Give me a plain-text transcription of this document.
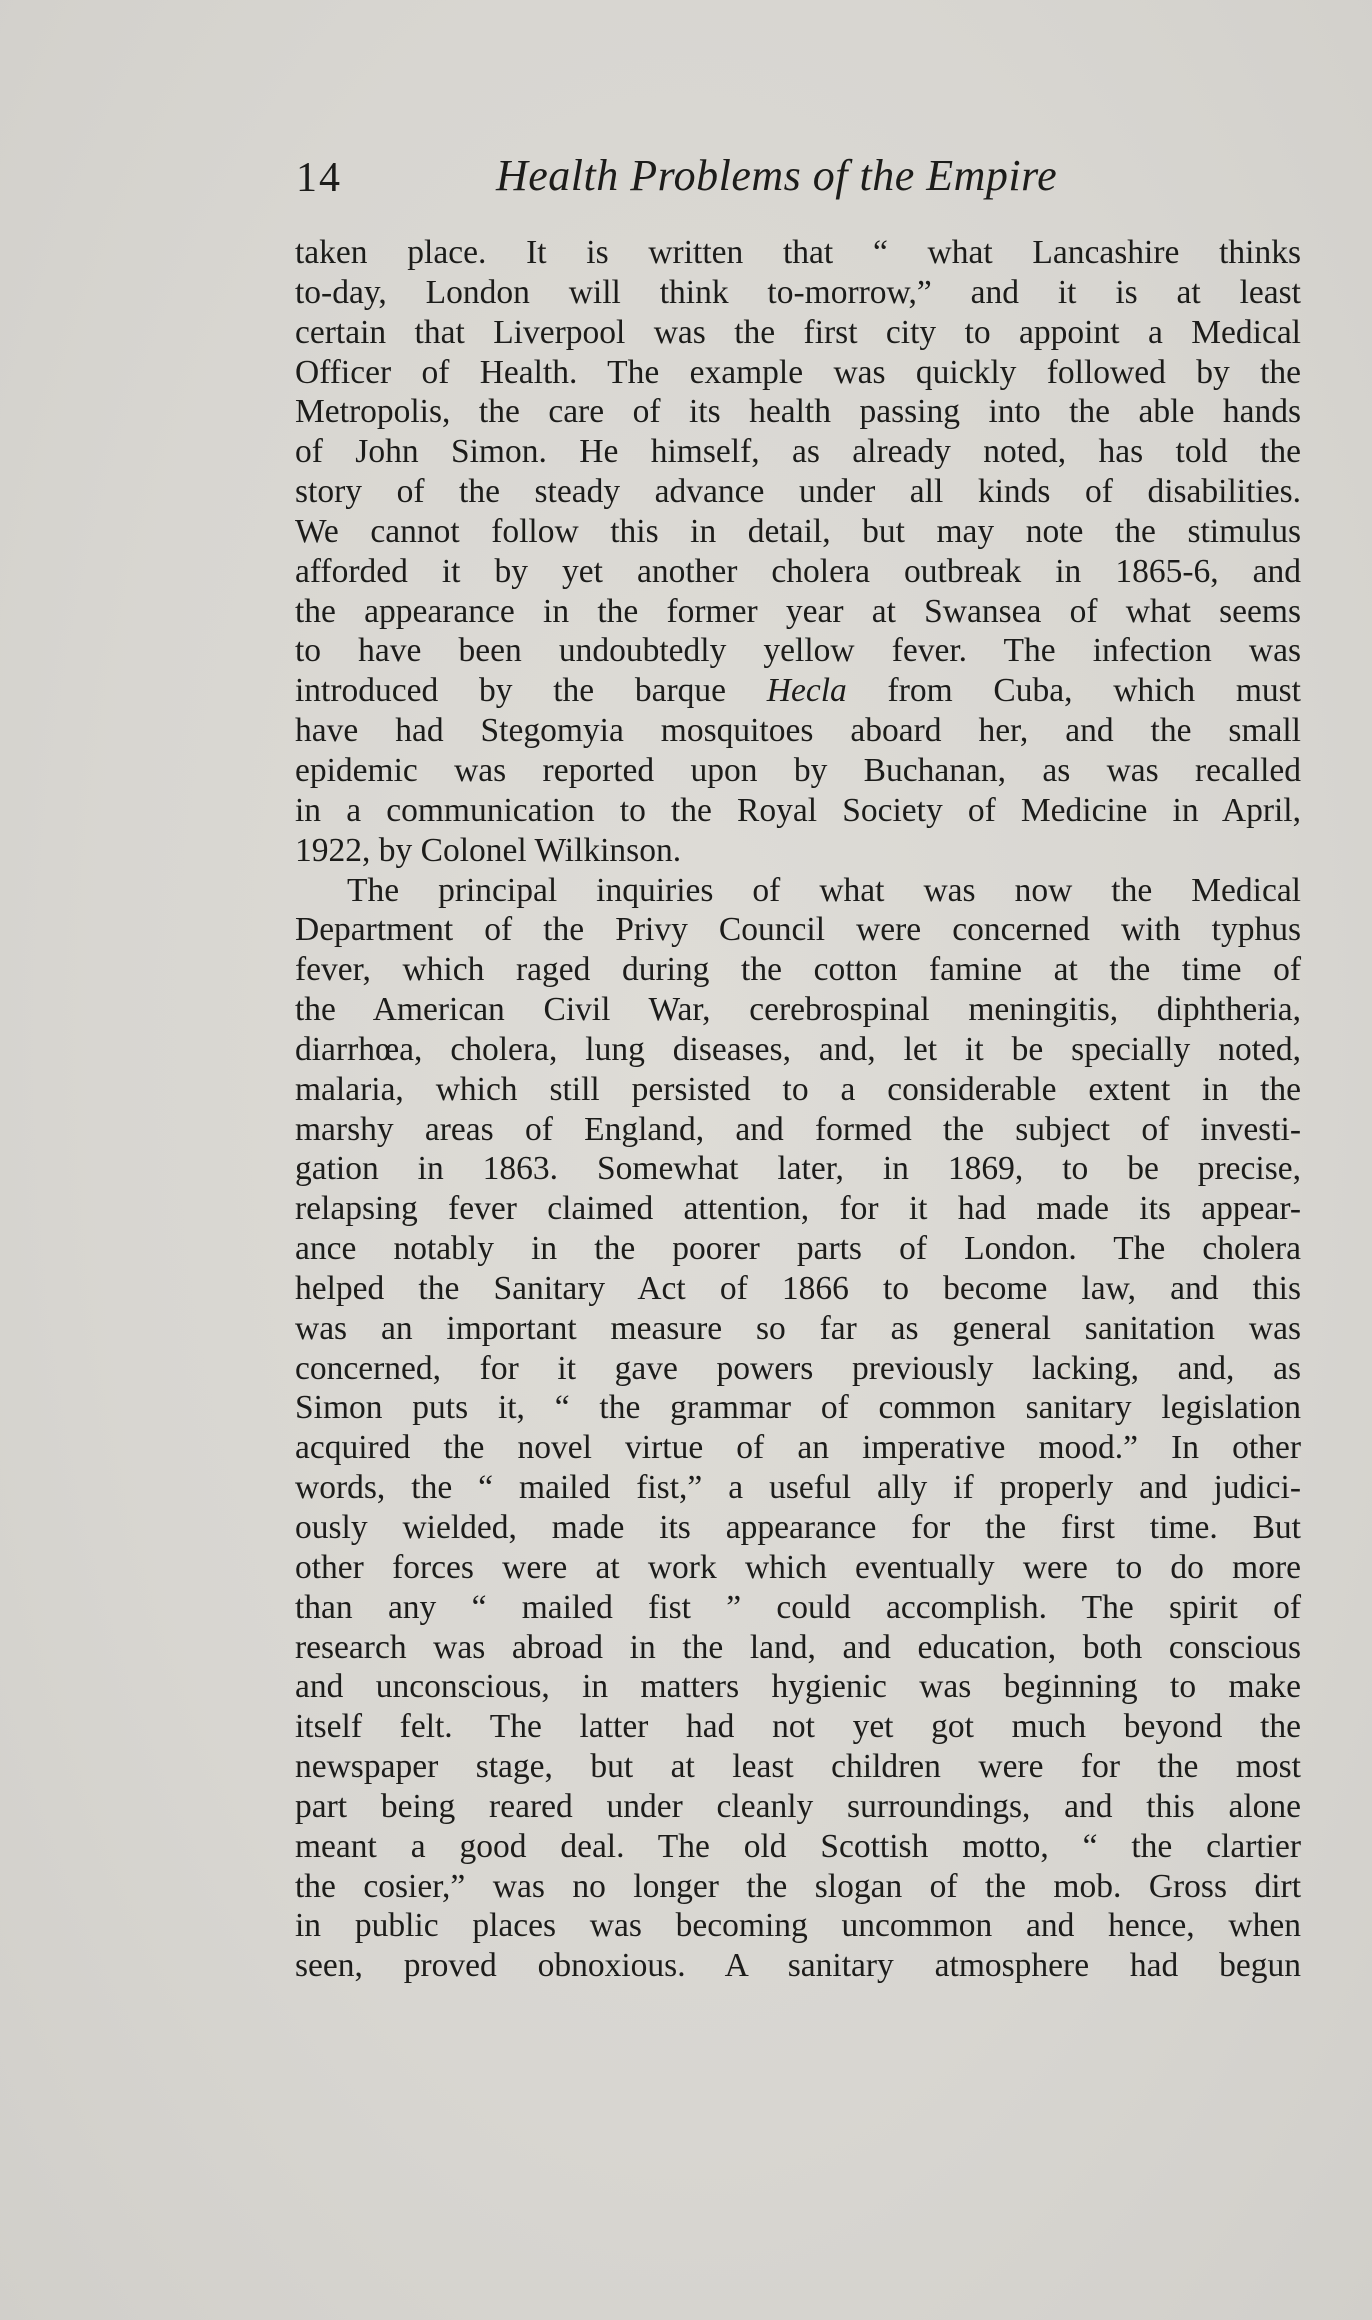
14	Health Problems of the Empire
taken place. It is written that “ what Lancashire thinks
to-day, London will think to-morrow,” and it is at least
certain that Liverpool was the first city to appoint a Medical
Officer of Health. The example was quickly followed by the
Metropolis, the care of its health passing into the able hands
of John Simon. He himself, as already noted, has told the
story of the steady advance under all kinds of disabilities.
We cannot follow this in detail, but may note the stimulus
afforded it by yet another cholera outbreak in 1865-6, and
the appearance in the former year at Swansea of what seems
to have been undoubtedly yellow fever. The infection was
introduced by the barque Hecla from Cuba, which must
have had Stegomyia mosquitoes aboard her, and the small
epidemic was reported upon by Buchanan, as was recalled
in a communication to the Royal Society of Medicine in April,
1922, by Colonel Wilkinson.
The principal inquiries of what was now the Medical
Department of the Privy Council were concerned with typhus
fever, which raged during the cotton famine at the time of
the American Civil War, cerebrospinal meningitis, diphtheria,
diarrhœa, cholera, lung diseases, and, let it be specially noted,
malaria, which still persisted to a considerable extent in the
marshy areas of England, and formed the subject of investi-
gation in 1863. Somewhat later, in 1869, to be precise,
relapsing fever claimed attention, for it had made its appear-
ance notably in the poorer parts of London. The cholera
helped the Sanitary Act of 1866 to become law, and this
was an important measure so far as general sanitation was
concerned, for it gave powers previously lacking, and, as
Simon puts it, “ the grammar of common sanitary legislation
acquired the novel virtue of an imperative mood.” In other
words, the “ mailed fist,” a useful ally if properly and judici-
ously wielded, made its appearance for the first time. But
other forces were at work which eventually were to do more
than any “ mailed fist ” could accomplish. The spirit of
research was abroad in the land, and education, both conscious
and unconscious, in matters hygienic was beginning to make
itself felt. The latter had not yet got much beyond the
newspaper stage, but at least children were for the most
part being reared under cleanly surroundings, and this alone
meant a good deal. The old Scottish motto, “ the clartier
the cosier,” was no longer the slogan of the mob. Gross dirt
in public places was becoming uncommon and hence, when
seen, proved obnoxious. A sanitary atmosphere had begun
